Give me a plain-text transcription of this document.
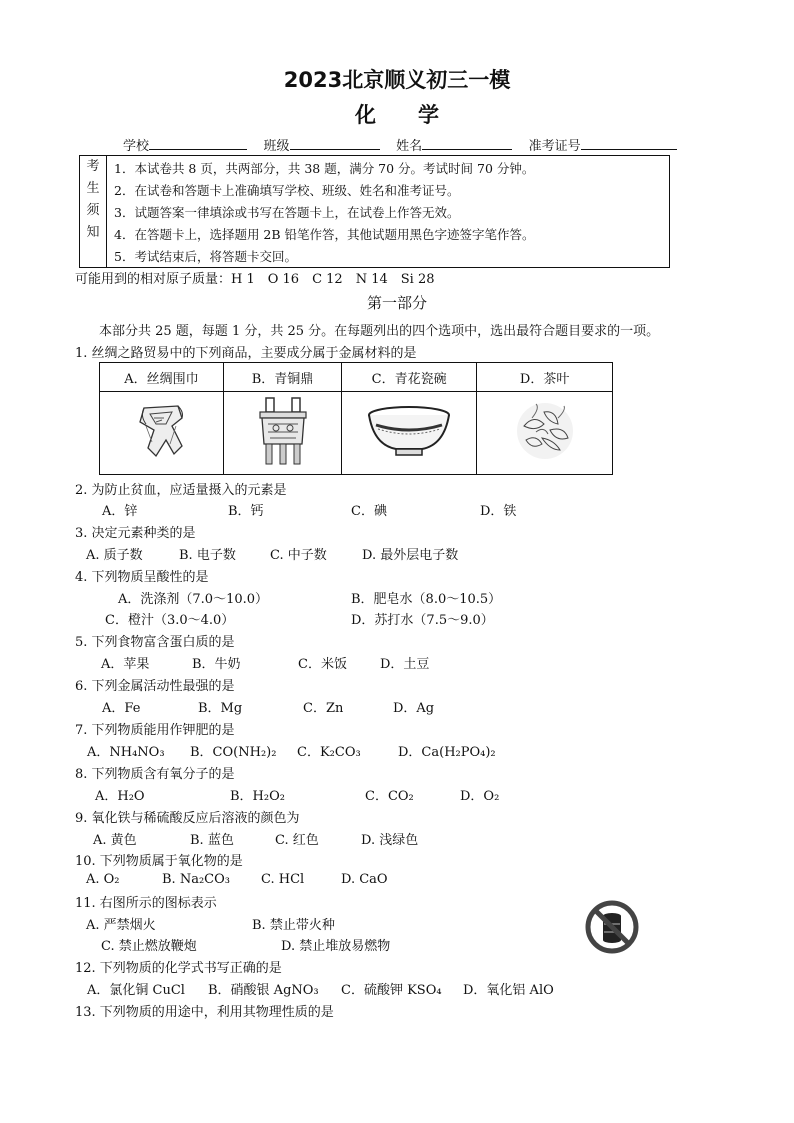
2023北京顺义初三一模
化学
学校	班级	姓名	准考证号
考
生
须
知
1．本试卷共 8 页，共两部分，共 38 题，满分 70 分。考试时间 70 分钟。
2．在试卷和答题卡上准确填写学校、班级、姓名和准考证号。
3．试题答案一律填涂或书写在答题卡上，在试卷上作答无效。
4．在答题卡上，选择题用 2B 铅笔作答，其他试题用黑色字迹签字笔作答。
5．考试结束后，将答题卡交回。
可能用到的相对原子质量：H 1　O 16　C 12　N 14　Si 28
第一部分
本部分共 25 题，每题 1 分，共 25 分。在每题列出的四个选项中，选出最符合题目要求的一项。
1. 丝绸之路贸易中的下列商品，主要成分属于金属材料的是
A．丝绸围巾	B．青铜鼎	C．青花瓷碗	D．茶叶

2. 为防止贫血，应适量摄入的元素是
A．锌	B．钙	C．碘	D．铁
3. 决定元素种类的是
A. 质子数	B. 电子数	C. 中子数	D. 最外层电子数
4. 下列物质呈酸性的是
A．洗涤剂（7.0～10.0）	B．肥皂水（8.0～10.5）
C．橙汁（3.0～4.0）	D．苏打水（7.5～9.0）
5. 下列食物富含蛋白质的是
A．苹果	B．牛奶	C．米饭	D．土豆
6. 下列金属活动性最强的是
A．Fe	B．Mg	C．Zn	D．Ag
7. 下列物质能用作钾肥的是
A．NH₄NO₃ B．CO(NH₂)₂ C．K₂CO₃	D．Ca(H₂PO₄)₂
8. 下列物质含有氧分子的是
A．H₂O	B．H₂O₂	C．CO₂	D．O₂
9. 氧化铁与稀硫酸反应后溶液的颜色为
A. 黄色	B. 蓝色	C. 红色	D. 浅绿色
10. 下列物质属于氧化物的是
A. O₂	B. Na₂CO₃ C. HCl	D. CaO
11. 右图所示的图标表示
A. 严禁烟火	B. 禁止带火种
C. 禁止燃放鞭炮	D. 禁止堆放易燃物
12. 下列物质的化学式书写正确的是
A．氯化铜 CuCl B．硝酸银 AgNO₃ C．硫酸钾 KSO₄ D．氧化铝 AlO
13. 下列物质的用途中，利用其物理性质的是
